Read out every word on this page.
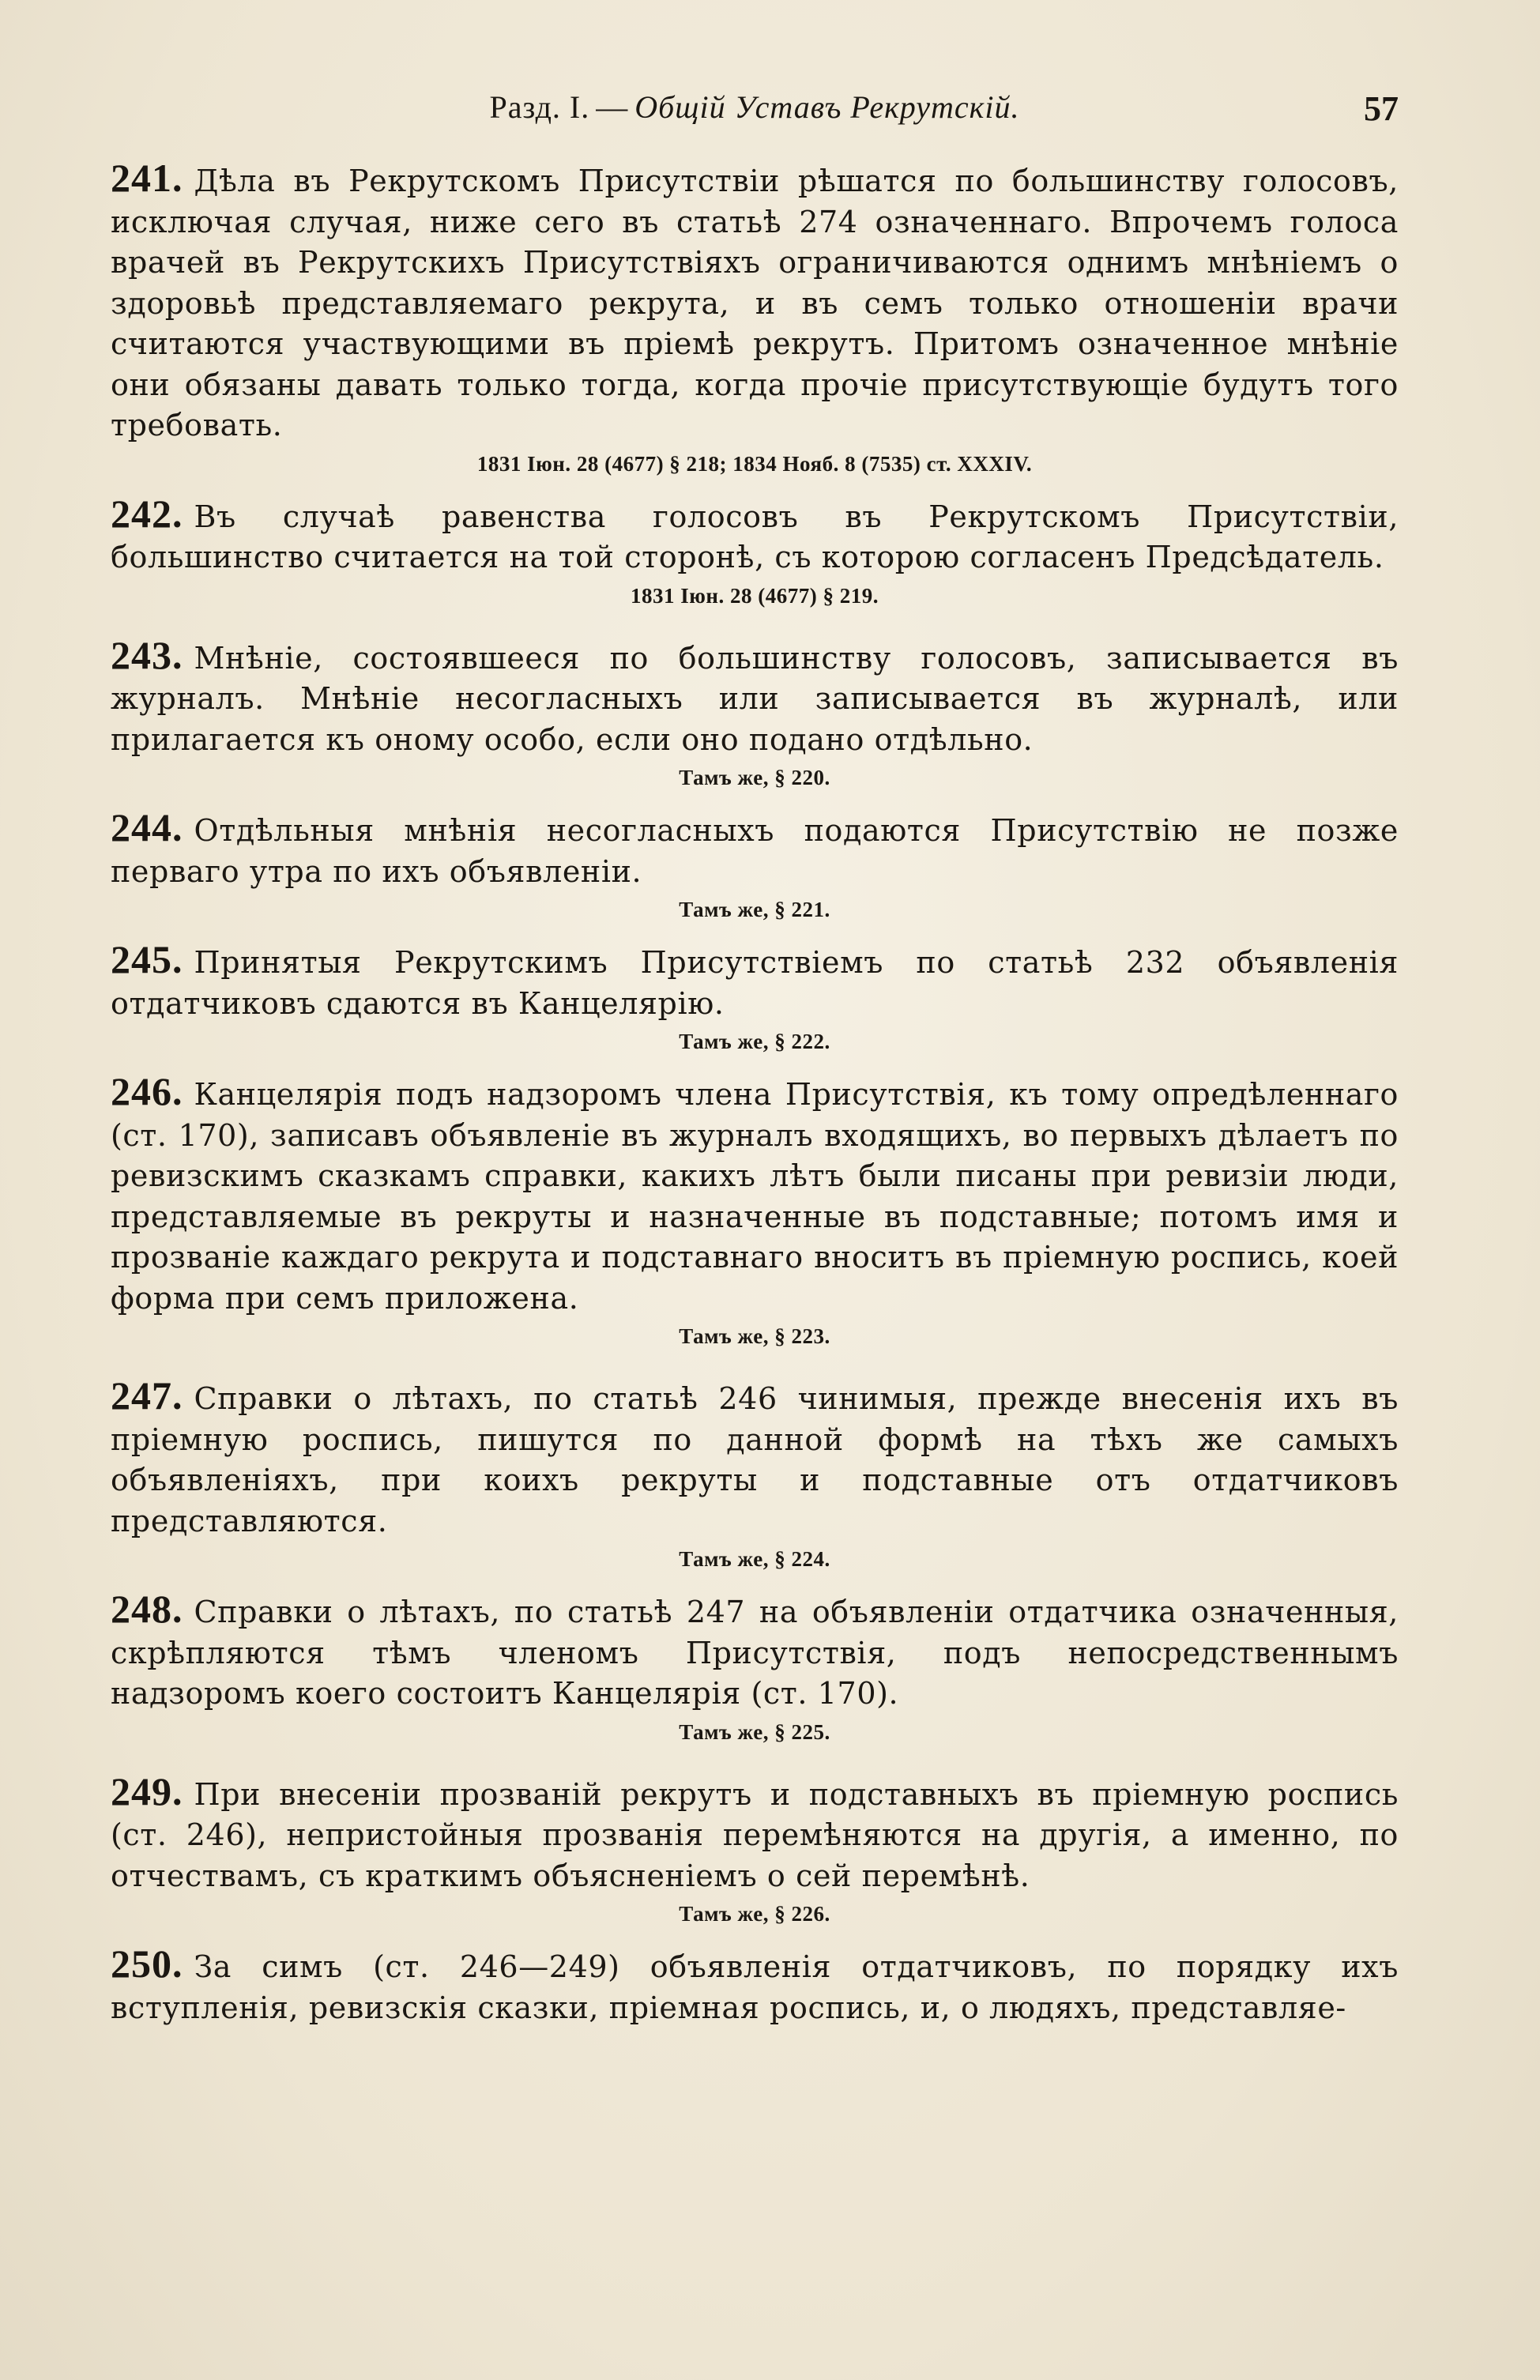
Разд. I. — Общій Уставъ Рекрутскій.	57

241. Дѣла въ Рекрутскомъ Присутствіи рѣшатся по большинству голосовъ, исключая случая, ниже сего въ статьѣ 274 означеннаго. Впрочемъ голоса врачей въ Рекрутскихъ Присутствіяхъ ограничиваются однимъ мнѣніемъ о здоровьѣ представляемаго рекрута, и въ семъ только отношеніи врачи считаются участвующими въ пріемѣ рекрутъ. Притомъ означенное мнѣніе они обязаны давать только тогда, когда прочіе присутствующіе будутъ того требовать.

1831 Іюн. 28 (4677) § 218; 1834 Нояб. 8 (7535) ст. XXXIV.

242. Въ случаѣ равенства голосовъ въ Рекрутскомъ Присутствіи, большинство считается на той сторонѣ, съ которою согласенъ Предсѣдатель.

1831 Іюн. 28 (4677) § 219.

243. Мнѣніе, состоявшееся по большинству голосовъ, записывается въ журналъ. Мнѣніе несогласныхъ или записывается въ журналѣ, или прилагается къ оному особо, если оно подано отдѣльно.

Тамъ же, § 220.

244. Отдѣльныя мнѣнія несогласныхъ подаются Присутствію не позже перваго утра по ихъ объявленіи.

Тамъ же, § 221.

245. Принятыя Рекрутскимъ Присутствіемъ по статьѣ 232 объявленія отдатчиковъ сдаются въ Канцелярію.

Тамъ же, § 222.

246. Канцелярія подъ надзоромъ члена Присутствія, къ тому опредѣленнаго (ст. 170), записавъ объявленіе въ журналъ входящихъ, во первыхъ дѣлаетъ по ревизскимъ сказкамъ справки, какихъ лѣтъ были писаны при ревизіи люди, представляемые въ рекруты и назначенные въ подставные; потомъ имя и прозваніе каждаго рекрута и подставнаго вноситъ въ пріемную роспись, коей форма при семъ приложена.

Тамъ же, § 223.

247. Справки о лѣтахъ, по статьѣ 246 чинимыя, прежде внесенія ихъ въ пріемную роспись, пишутся по данной формѣ на тѣхъ же самыхъ объявленіяхъ, при коихъ рекруты и подставные отъ отдатчиковъ представляются.

Тамъ же, § 224.

248. Справки о лѣтахъ, по статьѣ 247 на объявленіи отдатчика означенныя, скрѣпляются тѣмъ членомъ Присутствія, подъ непосредственнымъ надзоромъ коего состоитъ Канцелярія (ст. 170).

Тамъ же, § 225.

249. При внесеніи прозваній рекрутъ и подставныхъ въ пріемную роспись (ст. 246), непристойныя прозванія перемѣняются на другія, а именно, по отчествамъ, съ краткимъ объясненіемъ о сей перемѣнѣ.

Тамъ же, § 226.

250. За симъ (ст. 246—249) объявленія отдатчиковъ, по порядку ихъ вступленія, ревизскія сказки, пріемная роспись, и, о людяхъ, представляе-
